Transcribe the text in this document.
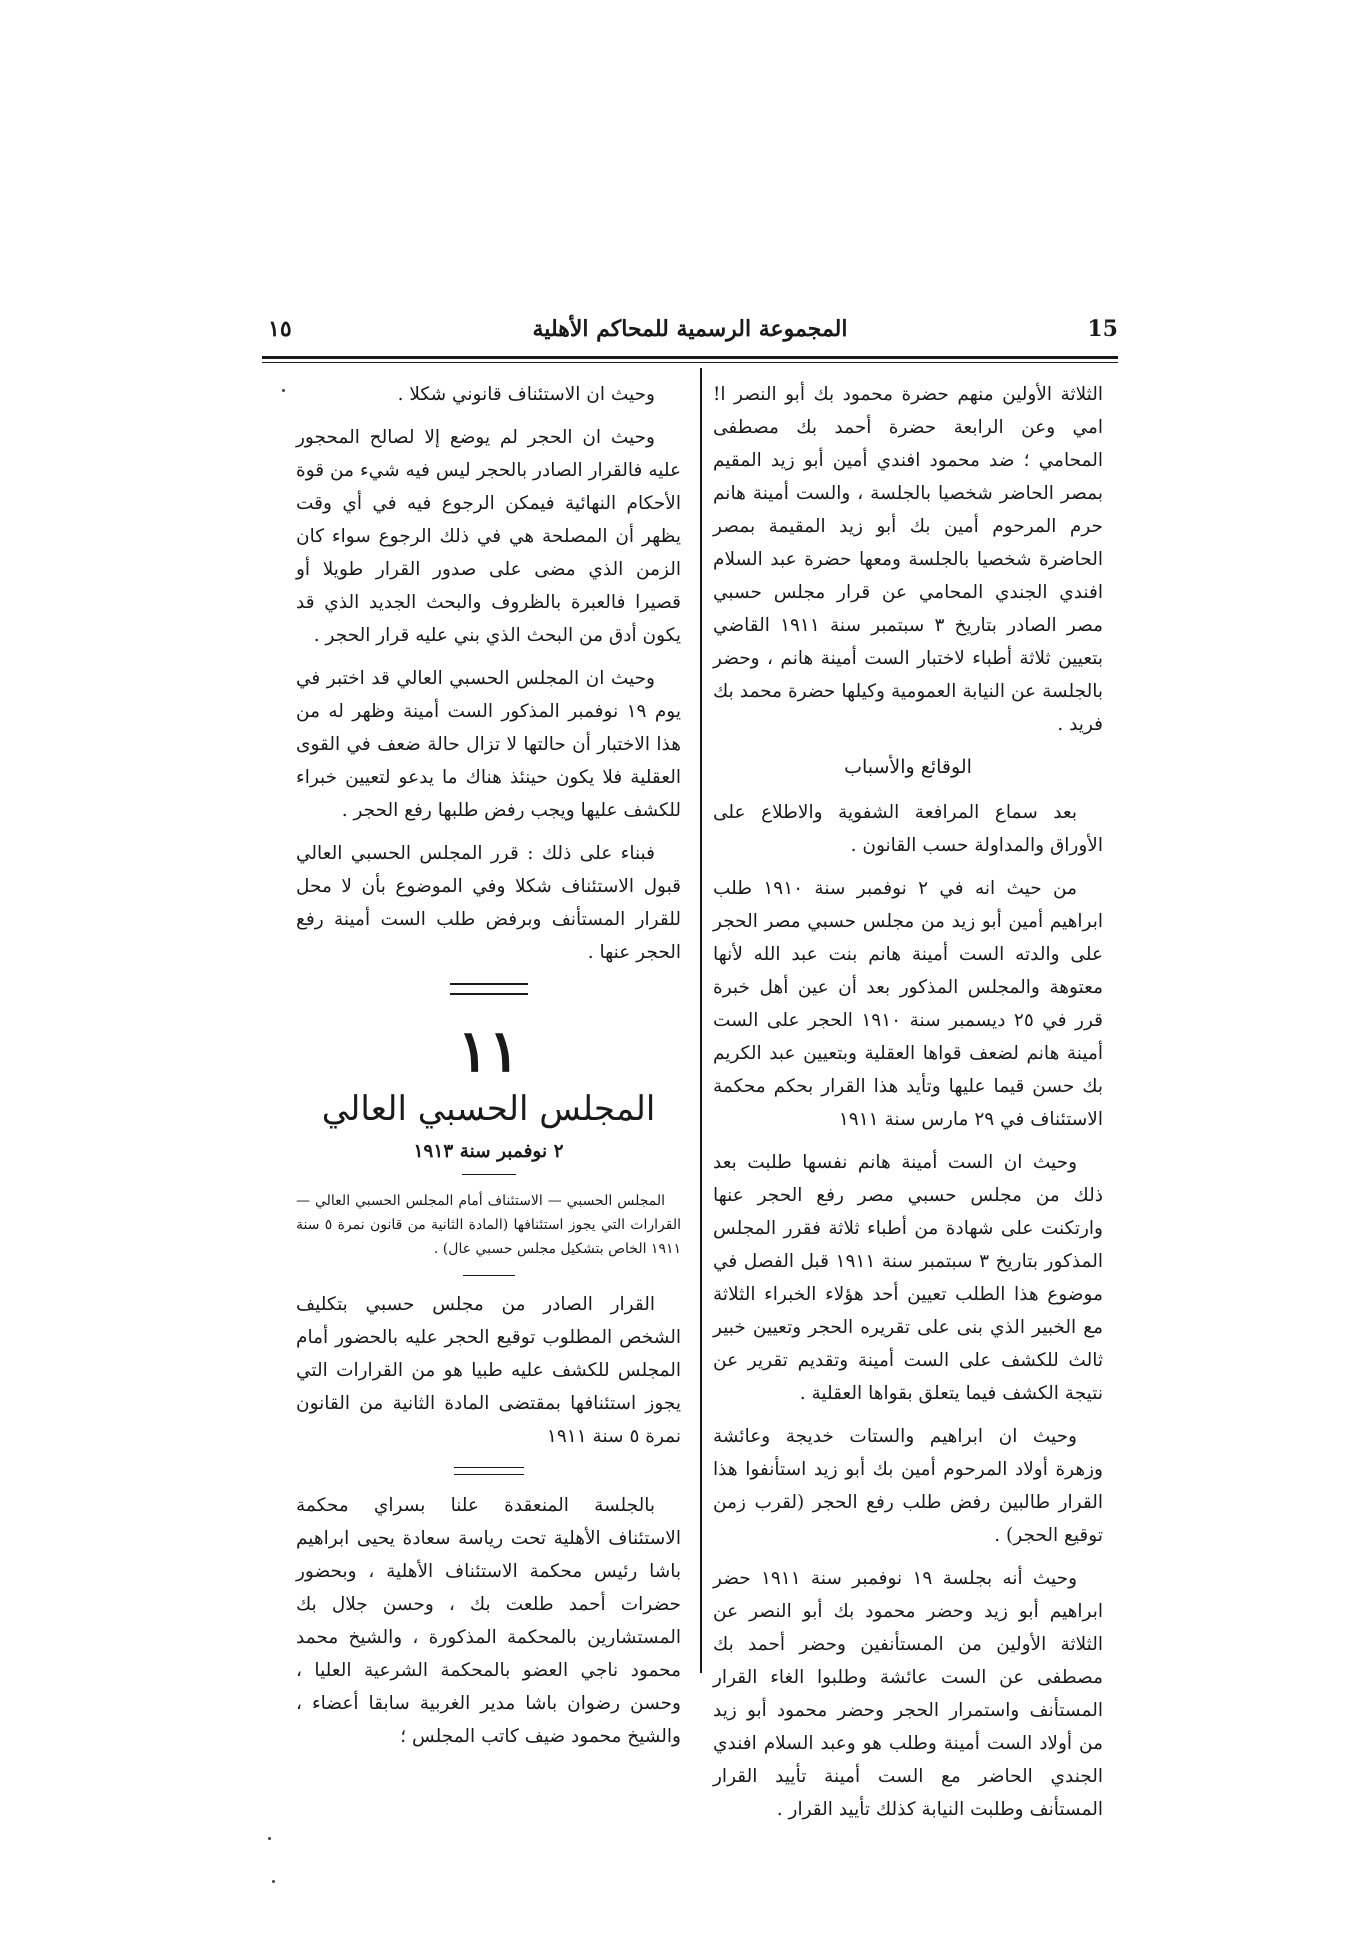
15
المجموعة الرسمية للمحاكم الأهلية
١٥

الثلاثة الأولين منهم حضرة محمود بك أبو النصر ا! امي وعن الرابعة حضرة أحمد بك مصطفى المحامي ؛ ضد محمود افندي أمين أبو زيد المقيم بمصر الحاضر شخصيا بالجلسة ، والست أمينة هانم حرم المرحوم أمين بك أبو زيد المقيمة بمصر الحاضرة شخصيا بالجلسة ومعها حضرة عبد السلام افندي الجندي المحامي عن قرار مجلس حسبي مصر الصادر بتاريخ ٣ سبتمبر سنة ١٩١١ القاضي بتعيين ثلاثة أطباء لاختبار الست أمينة هانم ، وحضر بالجلسة عن النيابة العمومية وكيلها حضرة محمد بك فريد .

الوقائع والأسباب

بعد سماع المرافعة الشفوية والاطلاع على الأوراق والمداولة حسب القانون .

من حيث انه في ٢ نوفمبر سنة ١٩١٠ طلب ابراهيم أمين أبو زيد من مجلس حسبي مصر الحجر على والدته الست أمينة هانم بنت عبد الله لأنها معتوهة والمجلس المذكور بعد أن عين أهل خبرة قرر في ٢٥ ديسمبر سنة ١٩١٠ الحجر على الست أمينة هانم لضعف قواها العقلية وبتعيين عبد الكريم بك حسن قيما عليها وتأيد هذا القرار بحكم محكمة الاستئناف في ٢٩ مارس سنة ١٩١١

وحيث ان الست أمينة هانم نفسها طلبت بعد ذلك من مجلس حسبي مصر رفع الحجر عنها وارتكنت على شهادة من أطباء ثلاثة فقرر المجلس المذكور بتاريخ ٣ سبتمبر سنة ١٩١١ قبل الفصل في موضوع هذا الطلب تعيين أحد هؤلاء الخبراء الثلاثة مع الخبير الذي بنى على تقريره الحجر وتعيين خبير ثالث للكشف على الست أمينة وتقديم تقرير عن نتيجة الكشف فيما يتعلق بقواها العقلية .

وحيث ان ابراهيم والستات خديجة وعائشة وزهرة أولاد المرحوم أمين بك أبو زيد استأنفوا هذا القرار طالبين رفض طلب رفع الحجر (لقرب زمن توقيع الحجر) .

وحيث أنه بجلسة ١٩ نوفمبر سنة ١٩١١ حضر ابراهيم أبو زيد وحضر محمود بك أبو النصر عن الثلاثة الأولين من المستأنفين وحضر أحمد بك مصطفى عن الست عائشة وطلبوا الغاء القرار المستأنف واستمرار الحجر وحضر محمود أبو زيد من أولاد الست أمينة وطلب هو وعبد السلام افندي الجندي الحاضر مع الست أمينة تأييد القرار المستأنف وطلبت النيابة كذلك تأييد القرار .

وحيث ان الاستئناف قانوني شكلا .

وحيث ان الحجر لم يوضع إلا لصالح المحجور عليه فالقرار الصادر بالحجر ليس فيه شيء من قوة الأحكام النهائية فيمكن الرجوع فيه في أي وقت يظهر أن المصلحة هي في ذلك الرجوع سواء كان الزمن الذي مضى على صدور القرار طويلا أو قصيرا فالعبرة بالظروف والبحث الجديد الذي قد يكون أدق من البحث الذي بني عليه قرار الحجر .

وحيث ان المجلس الحسبي العالي قد اختبر في يوم ١٩ نوفمبر المذكور الست أمينة وظهر له من هذا الاختبار أن حالتها لا تزال حالة ضعف في القوى العقلية فلا يكون حينئذ هناك ما يدعو لتعيين خبراء للكشف عليها ويجب رفض طلبها رفع الحجر .

فبناء على ذلك : قرر المجلس الحسبي العالي قبول الاستئناف شكلا وفي الموضوع بأن لا محل للقرار المستأنف وبرفض طلب الست أمينة رفع الحجر عنها .

١١
المجلس الحسبي العالي
٢ نوفمبر سنة ١٩١٣

المجلس الحسبي — الاستئناف أمام المجلس الحسبي العالي — القرارات التي يجوز استئنافها (المادة الثانية من قانون نمرة ٥ سنة ١٩١١ الخاص بتشكيل مجلس حسبي عال) .

القرار الصادر من مجلس حسبي بتكليف الشخص المطلوب توقيع الحجر عليه بالحضور أمام المجلس للكشف عليه طبيا هو من القرارات التي يجوز استئنافها بمقتضى المادة الثانية من القانون نمرة ٥ سنة ١٩١١

بالجلسة المنعقدة علنا بسراي محكمة الاستئناف الأهلية تحت رياسة سعادة يحيى ابراهيم باشا رئيس محكمة الاستئناف الأهلية ، وبحضور حضرات أحمد طلعت بك ، وحسن جلال بك المستشارين بالمحكمة المذكورة ، والشيخ محمد محمود ناجي العضو بالمحكمة الشرعية العليا ، وحسن رضوان باشا مدير الغربية سابقا أعضاء ، والشيخ محمود ضيف كاتب المجلس ؛
